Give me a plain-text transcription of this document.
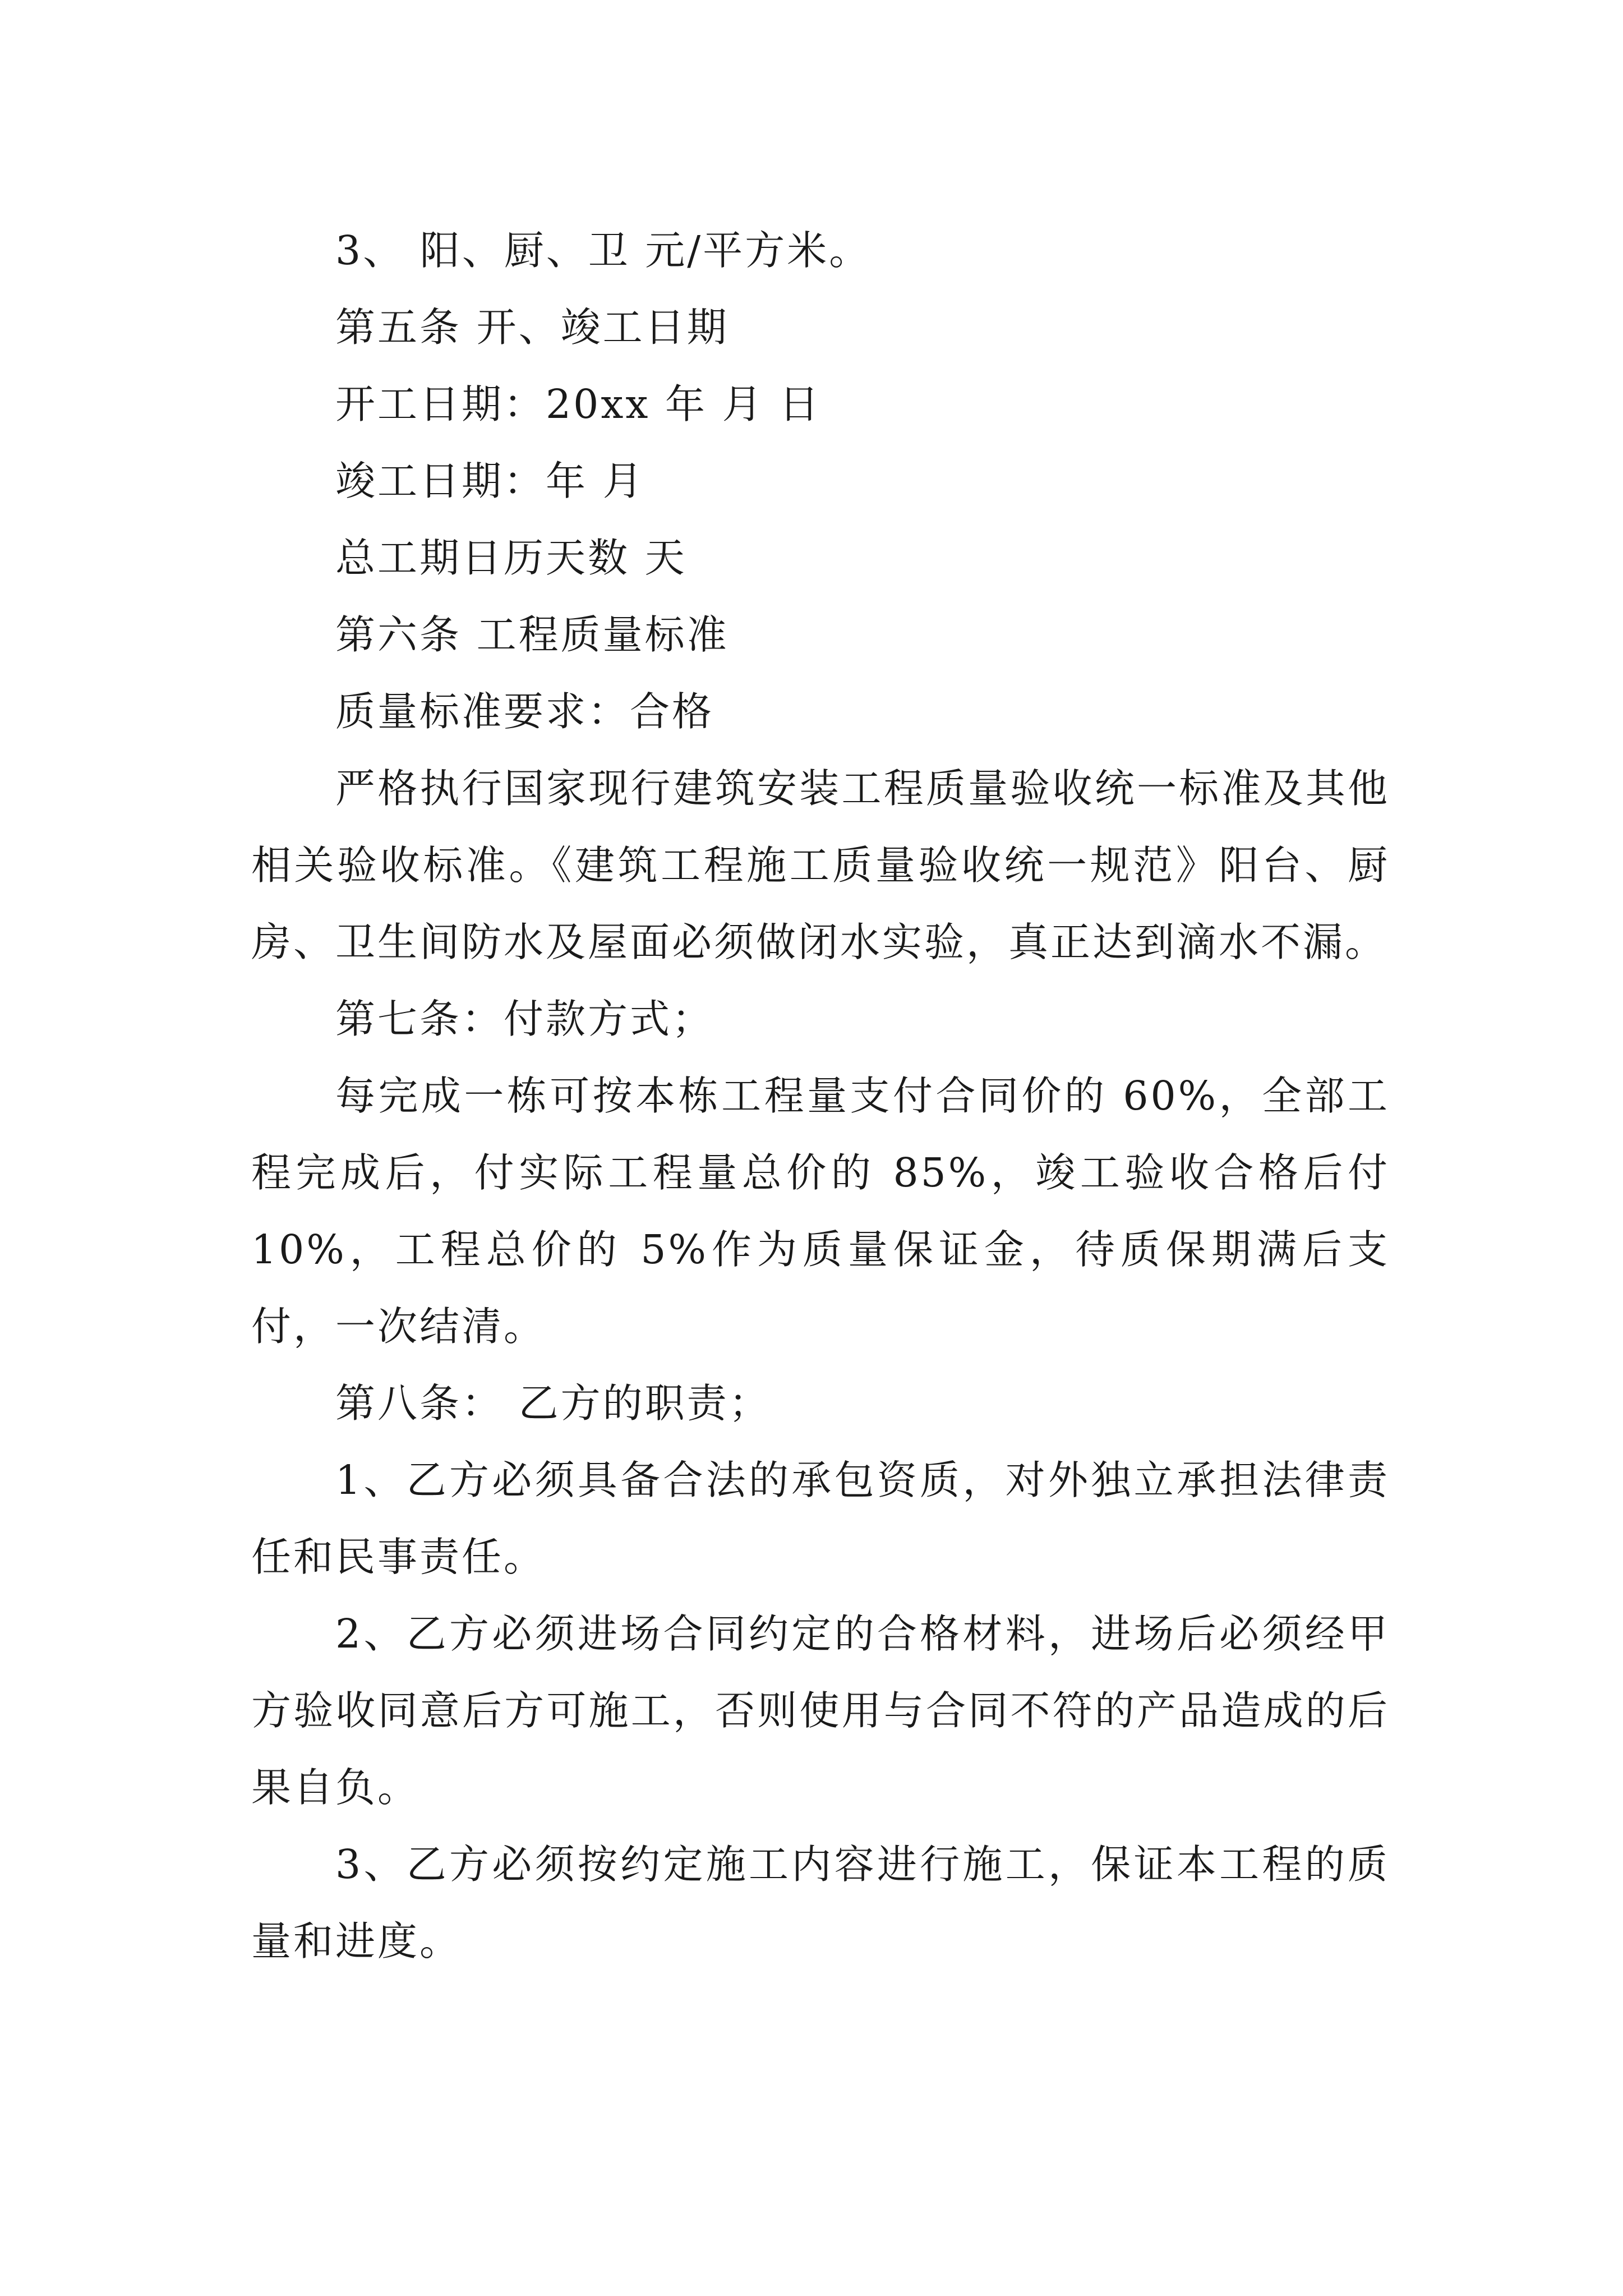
3、 阳、厨、卫 元/平方米。
第五条 开、竣工日期
开工日期：20xx 年 月 日
竣工日期：年 月
总工期日历天数 天
第六条 工程质量标准
质量标准要求：合格

严格执行国家现行建筑安装工程质量验收统一标准及其他相关验收标准。《建筑工程施工质量验收统一规范》阳台、厨房、卫生间防水及屋面必须做闭水实验，真正达到滴水不漏。

第七条：付款方式；

每完成一栋可按本栋工程量支付合同价的 60%，全部工程完成后，付实际工程量总价的 85%，竣工验收合格后付 10%，工程总价的 5%作为质量保证金，待质保期满后支付，一次结清。

第八条： 乙方的职责；

1、乙方必须具备合法的承包资质，对外独立承担法律责任和民事责任。

2、乙方必须进场合同约定的合格材料，进场后必须经甲方验收同意后方可施工，否则使用与合同不符的产品造成的后果自负。

3、乙方必须按约定施工内容进行施工，保证本工程的质量和进度。
